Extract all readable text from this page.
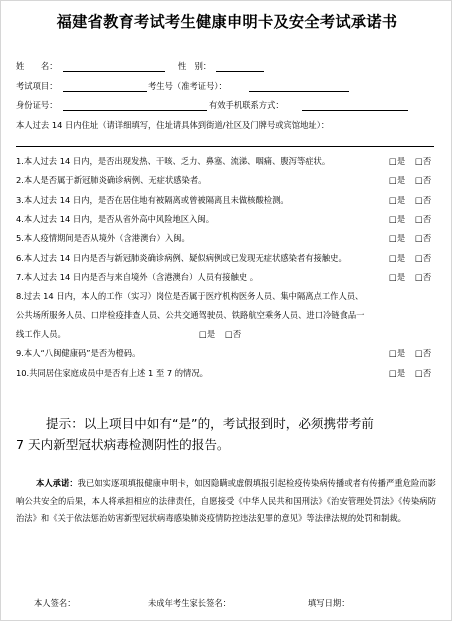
福建省教育考试考生健康申明卡及安全考试承诺书
姓　　名：	性　别：
考试项目：	考生号（准考证号）：
身份证号：	有效手机联系方式：
本人过去 14 日内住址（请详细填写，住址请具体到街道/社区及门牌号或宾馆地址）：
1.本人过去 14 日内，是否出现发热、干咳、乏力、鼻塞、流涕、咽痛、腹泻等症状。	□是 □否
2.本人是否属于新冠肺炎确诊病例、无症状感染者。	□是 □否
3.本人过去 14 日内，是否在居住地有被隔离或曾被隔离且未做核酸检测。	□是 □否
4.本人过去 14 日内，是否从省外高中风险地区入闽。	□是 □否
5.本人疫情期间是否从境外（含港澳台）入闽。	□是 □否
6.本人过去 14 日内是否与新冠肺炎确诊病例、疑似病例或已发现无症状感染者有接触史。	□是 □否
7.本人过去 14 日内是否与来自境外（含港澳台）人员有接触史 。	□是 □否
8.过去 14 日内，本人的工作（实习）岗位是否属于医疗机构医务人员、集中隔离点工作人员、
公共场所服务人员、口岸检疫排查人员、公共交通驾驶员、铁路航空乘务人员、进口冷链食品一
线工作人员。	□是 □否
9.本人“八闽健康码”是否为橙码。	□是 □否
10.共同居住家庭成员中是否有上述 1 至 7 的情况。	□是 □否
提示：以上项目中如有“是”的，考试报到时，必须携带考前
7 天内新型冠状病毒检测阴性的报告。
本人承诺：我已如实逐项填报健康申明卡，如因隐瞒或虚假填报引起检疫传染病传播或者有传播严重危险而影响公共安全的后果，本人将承担相应的法律责任，自愿接受《中华人民共和国刑法》《治安管理处罚法》《传染病防治法》和《关于依法惩治妨害新型冠状病毒感染肺炎疫情防控违法犯罪的意见》等法律法规的处罚和制裁。
本人签名：	未成年考生家长签名：	填写日期：
